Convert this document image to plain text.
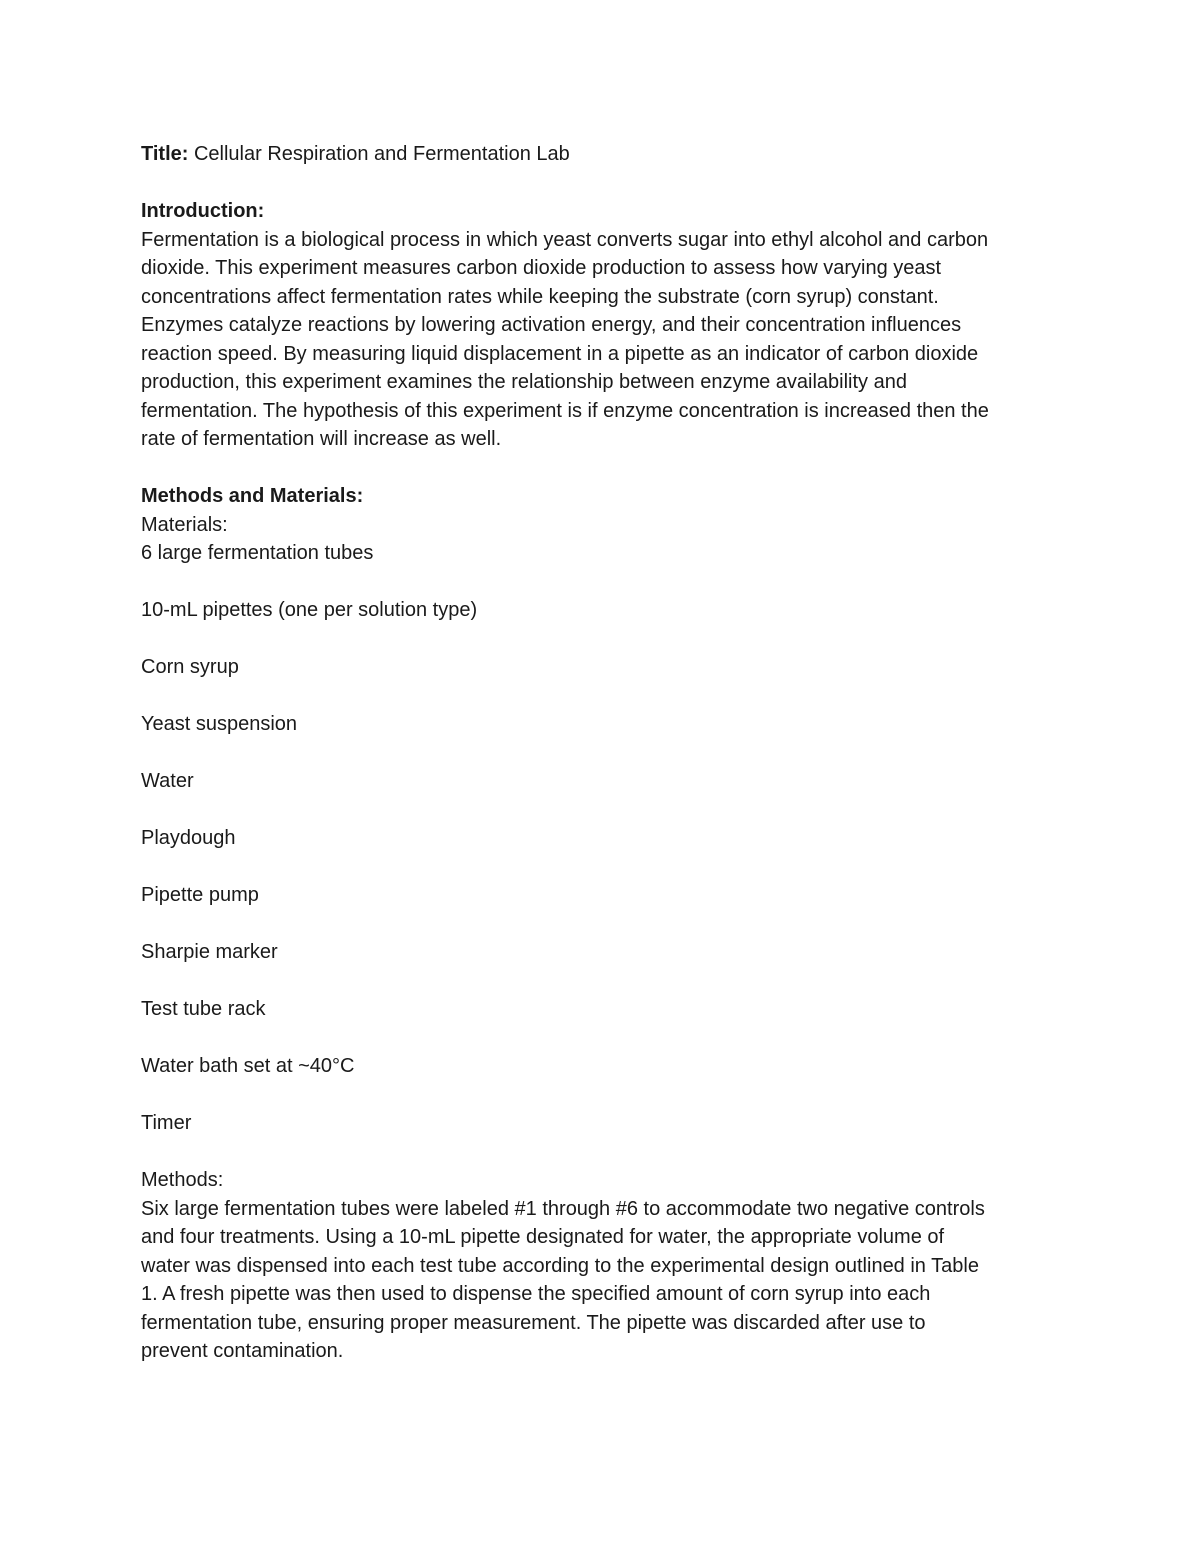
Title: Cellular Respiration and Fermentation Lab
Introduction:
Fermentation is a biological process in which yeast converts sugar into ethyl alcohol and carbon
dioxide. This experiment measures carbon dioxide production to assess how varying yeast
concentrations affect fermentation rates while keeping the substrate (corn syrup) constant.
Enzymes catalyze reactions by lowering activation energy, and their concentration influences
reaction speed. By measuring liquid displacement in a pipette as an indicator of carbon dioxide
production, this experiment examines the relationship between enzyme availability and
fermentation. The hypothesis of this experiment is if enzyme concentration is increased then the
rate of fermentation will increase as well.
Methods and Materials:
Materials:
6 large fermentation tubes
10-mL pipettes (one per solution type)
Corn syrup
Yeast suspension
Water
Playdough
Pipette pump
Sharpie marker
Test tube rack
Water bath set at ~40°C
Timer
Methods:
Six large fermentation tubes were labeled #1 through #6 to accommodate two negative controls
and four treatments. Using a 10-mL pipette designated for water, the appropriate volume of
water was dispensed into each test tube according to the experimental design outlined in Table
1. A fresh pipette was then used to dispense the specified amount of corn syrup into each
fermentation tube, ensuring proper measurement. The pipette was discarded after use to
prevent contamination.
